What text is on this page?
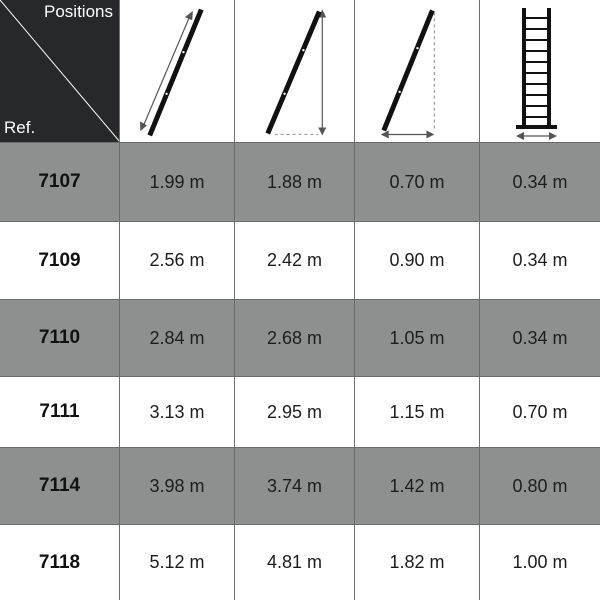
Positions
Ref.
7107	1.99 m	1.88 m	0.70 m	0.34 m
7109	2.56 m	2.42 m	0.90 m	0.34 m
7110	2.84 m	2.68 m	1.05 m	0.34 m
7111	3.13 m	2.95 m	1.15 m	0.70 m
7114	3.98 m	3.74 m	1.42 m	0.80 m
7118	5.12 m	4.81 m	1.82 m	1.00 m
